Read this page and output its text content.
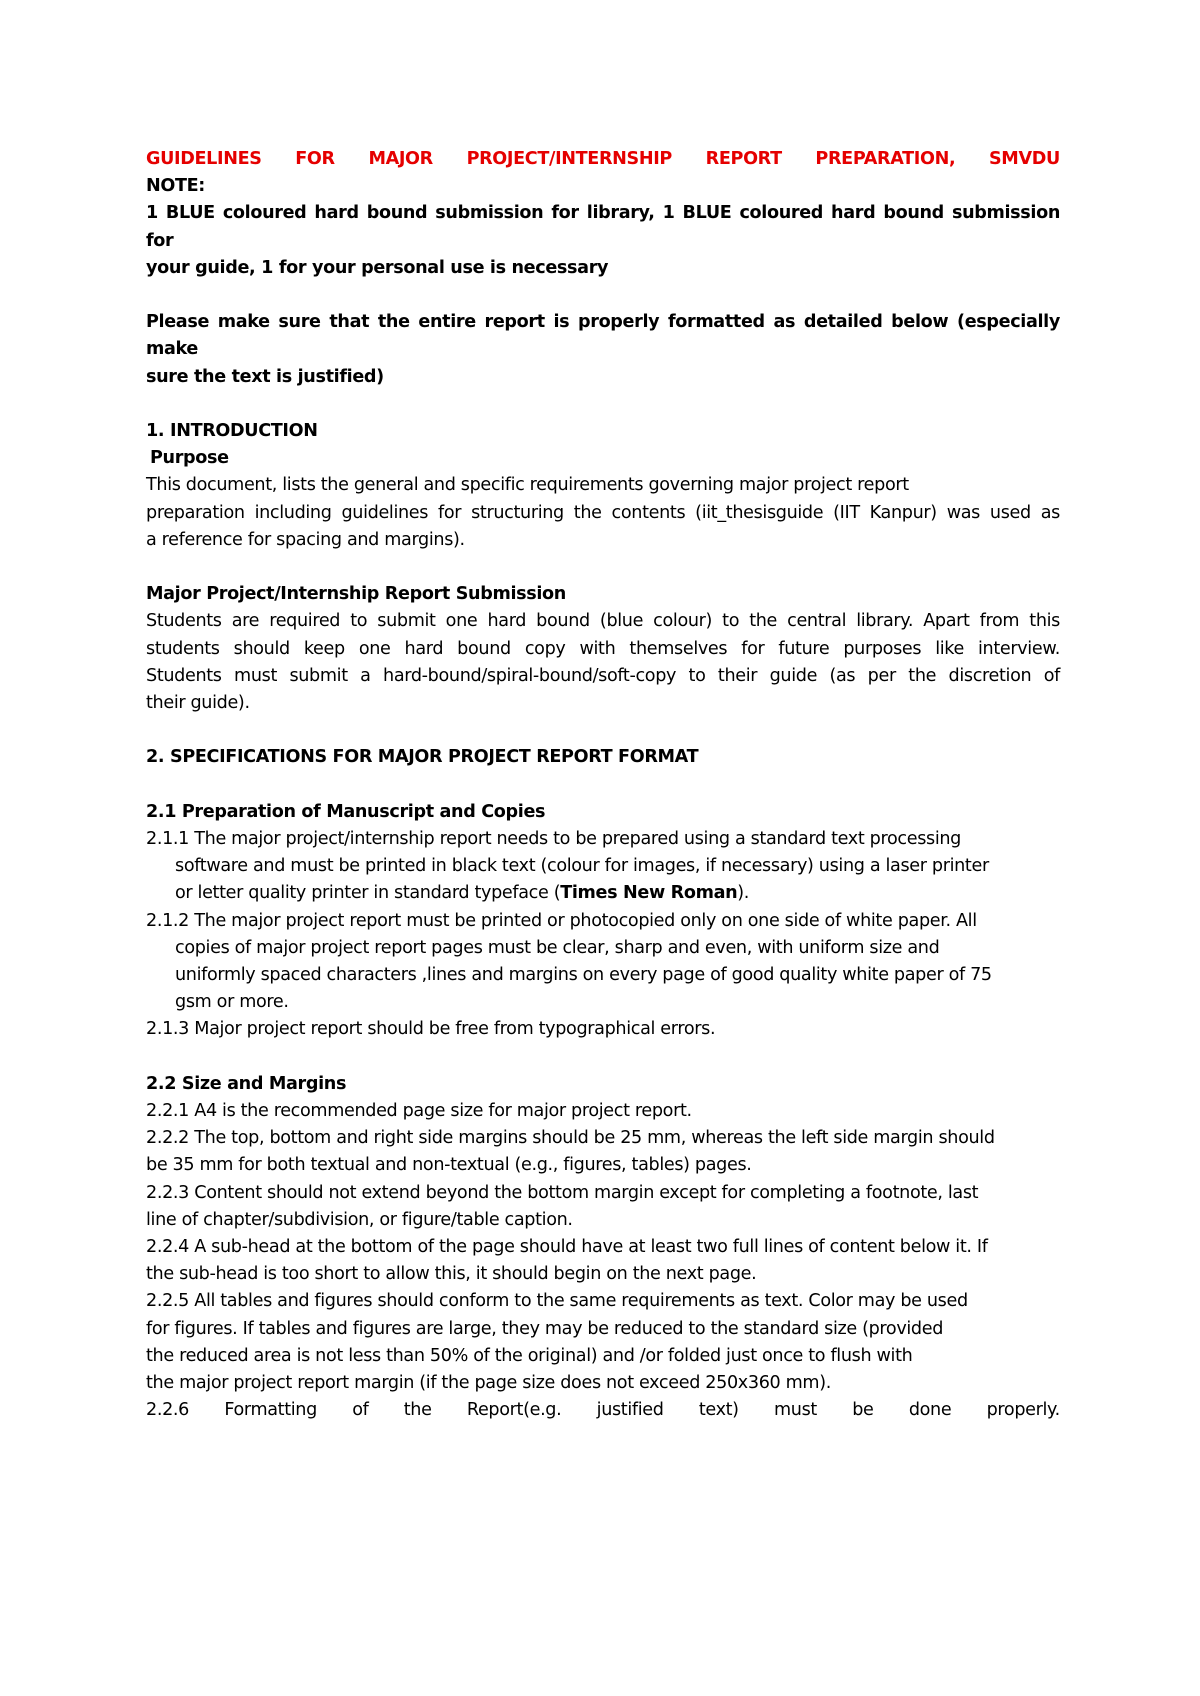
GUIDELINES FOR MAJOR PROJECT/INTERNSHIP REPORT PREPARATION, SMVDU

NOTE:

1 BLUE coloured hard bound submission for library, 1 BLUE coloured hard bound submission for

your guide, 1 for your personal use is necessary

Please make sure that the entire report is properly formatted as detailed below (especially make

sure the text is justified)

1. INTRODUCTION

Purpose

This document, lists the general and specific requirements governing major project report

preparation including guidelines for structuring the contents (iit_thesisguide (IIT Kanpur) was used as

a reference for spacing and margins).

Major Project/Internship Report Submission

Students are required to submit one hard bound (blue colour) to the central library. Apart from this

students should keep one hard bound copy with themselves for future purposes like interview.

Students must submit a hard-bound/spiral-bound/soft-copy to their guide (as per the discretion of

their guide).

2. SPECIFICATIONS FOR MAJOR PROJECT REPORT FORMAT

2.1 Preparation of Manuscript and Copies

2.1.1 The major project/internship report needs to be prepared using a standard text processing

software and must be printed in black text (colour for images, if necessary) using a laser printer

or letter quality printer in standard typeface (Times New Roman).

2.1.2 The major project report must be printed or photocopied only on one side of white paper. All

copies of major project report pages must be clear, sharp and even, with uniform size and

uniformly spaced characters ,lines and margins on every page of good quality white paper of 75

gsm or more.

2.1.3 Major project report should be free from typographical errors.

2.2 Size and Margins

2.2.1 A4 is the recommended page size for major project report.

2.2.2 The top, bottom and right side margins should be 25 mm, whereas the left side margin should

be 35 mm for both textual and non-textual (e.g., figures, tables) pages.

2.2.3 Content should not extend beyond the bottom margin except for completing a footnote, last

line of chapter/subdivision, or figure/table caption.

2.2.4 A sub-head at the bottom of the page should have at least two full lines of content below it. If

the sub-head is too short to allow this, it should begin on the next page.

2.2.5 All tables and figures should conform to the same requirements as text. Color may be used

for figures. If tables and figures are large, they may be reduced to the standard size (provided

the reduced area is not less than 50% of the original) and /or folded just once to flush with

the major project report margin (if the page size does not exceed 250x360 mm).

2.2.6 Formatting of the Report(e.g. justified text) must be done properly.
